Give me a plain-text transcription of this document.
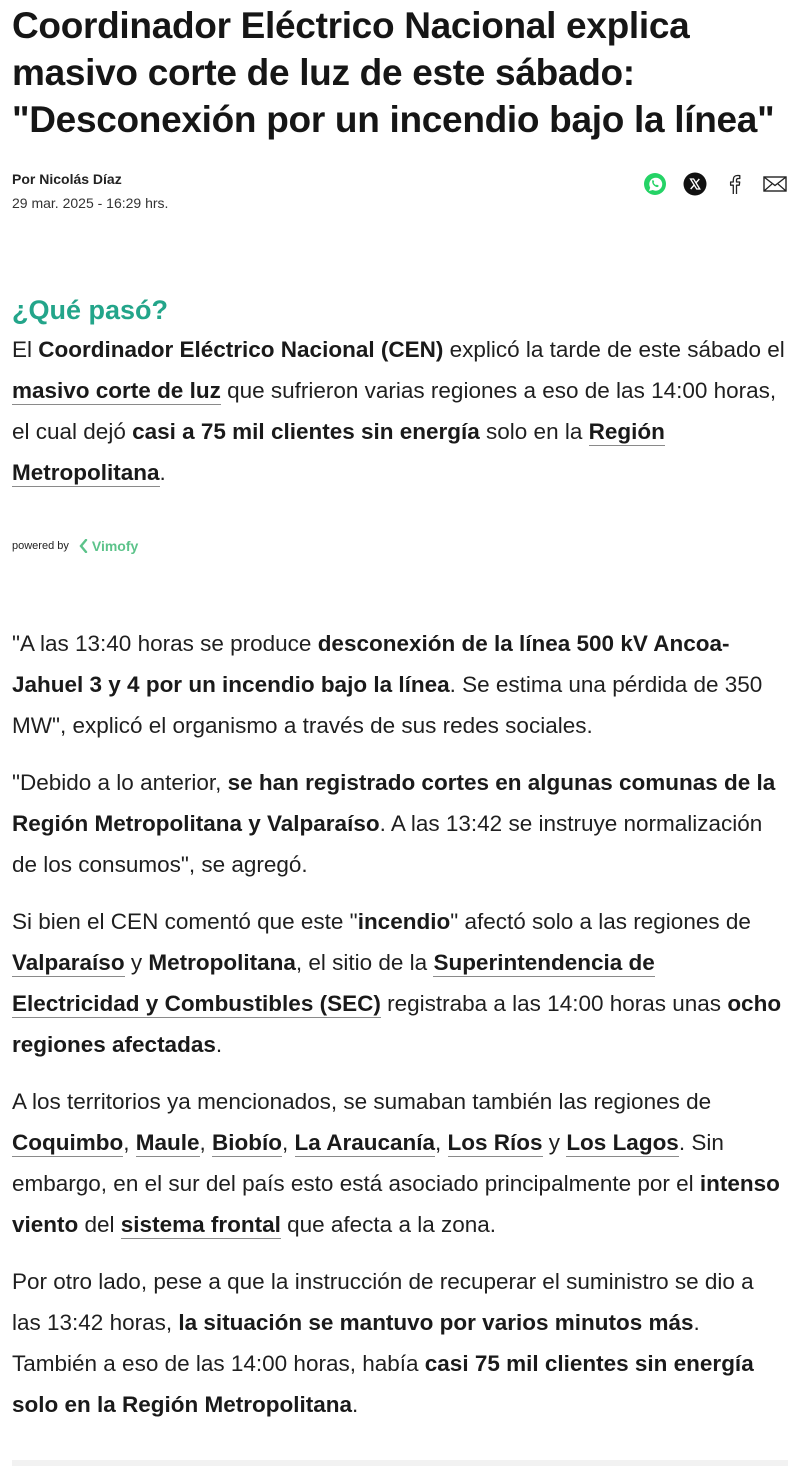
Coordinador Eléctrico Nacional explica masivo corte de luz de este sábado: "Desconexión por un incendio bajo la línea"
Por Nicolás Díaz
29 mar. 2025 - 16:29 hrs.
¿Qué pasó?

El Coordinador Eléctrico Nacional (CEN) explicó la tarde de este sábado el masivo corte de luz que sufrieron varias regiones a eso de las 14:00 horas, el cual dejó casi a 75 mil clientes sin energía solo en la Región Metropolitana.

powered by Vimofy

"A las 13:40 horas se produce desconexión de la línea 500 kV Ancoa-Jahuel 3 y 4 por un incendio bajo la línea. Se estima una pérdida de 350 MW", explicó el organismo a través de sus redes sociales.

"Debido a lo anterior, se han registrado cortes en algunas comunas de la Región Metropolitana y Valparaíso. A las 13:42 se instruye normalización de los consumos", se agregó.

Si bien el CEN comentó que este "incendio" afectó solo a las regiones de Valparaíso y Metropolitana, el sitio de la Superintendencia de Electricidad y Combustibles (SEC) registraba a las 14:00 horas unas ocho regiones afectadas.

A los territorios ya mencionados, se sumaban también las regiones de Coquimbo, Maule, Biobío, La Araucanía, Los Ríos y Los Lagos. Sin embargo, en el sur del país esto está asociado principalmente por el intenso viento del sistema frontal que afecta a la zona.

Por otro lado, pese a que la instrucción de recuperar el suministro se dio a las 13:42 horas, la situación se mantuvo por varios minutos más. También a eso de las 14:00 horas, había casi 75 mil clientes sin energía solo en la Región Metropolitana.
